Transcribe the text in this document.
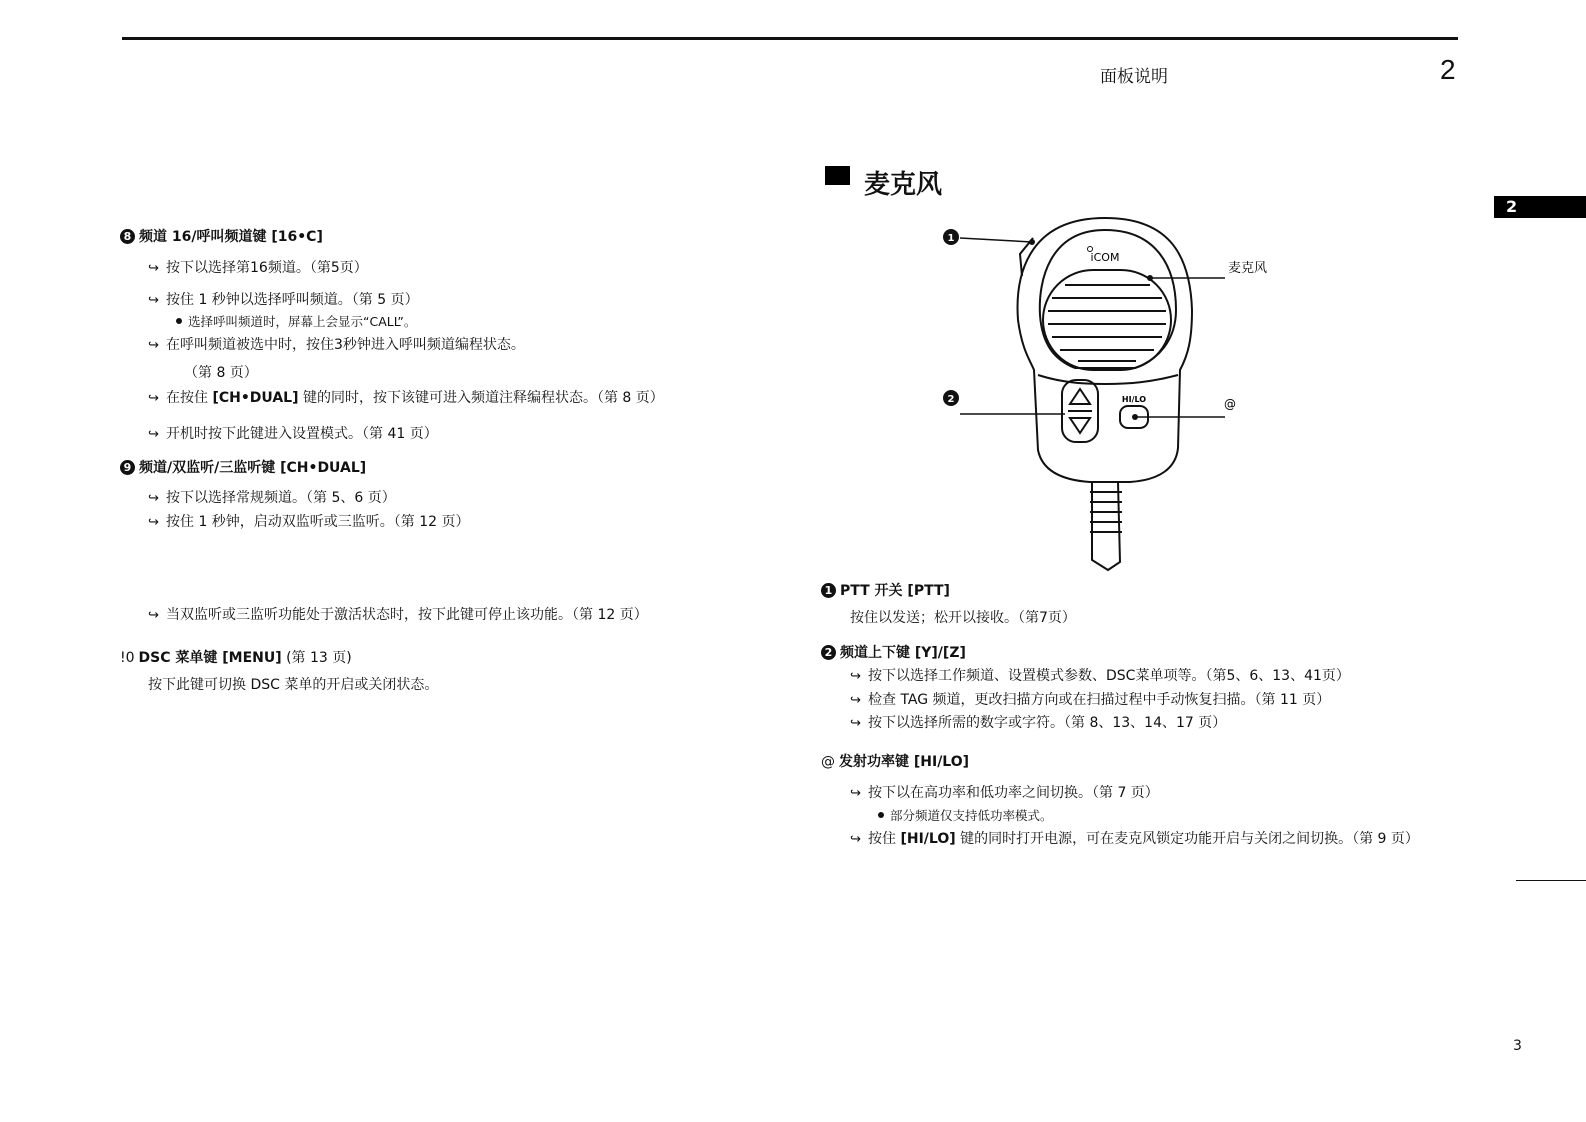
面板说明	2
2
3
8 频道 16/呼叫频道键 [16•C]
↪ 按下以选择第16频道。（第5页）
↪ 按住 1 秒钟以选择呼叫频道。（第 5 页）
选择呼叫频道时，屏幕上会显示“CALL”。
↪ 在呼叫频道被选中时，按住3秒钟进入呼叫频道编程状态。
（第 8 页）
↪ 在按住 [CH•DUAL] 键的同时，按下该键可进入频道注释编程状态。（第 8 页）
↪ 开机时按下此键进入设置模式。（第 41 页）
9 频道/双监听/三监听键 [CH•DUAL]
↪ 按下以选择常规频道。（第 5、6 页）
↪ 按住 1 秒钟，启动双监听或三监听。（第 12 页）
↪ 当双监听或三监听功能处于激活状态时，按下此键可停止该功能。（第 12 页）
!0 DSC 菜单键 [MENU] (第 13 页)
按下此键可切换 DSC 菜单的开启或关闭状态。
麦克风
iCOM
HI/LO
1
2	@
麦克风
1 PTT 开关 [PTT]
按住以发送；松开以接收。（第7页）
2 频道上下键 [Y]/[Z]
↪ 按下以选择工作频道、设置模式参数、DSC菜单项等。（第5、6、13、41页）
↪ 检查 TAG 频道，更改扫描方向或在扫描过程中手动恢复扫描。（第 11 页）
↪ 按下以选择所需的数字或字符。（第 8、13、14、17 页）
@ 发射功率键 [HI/LO]
↪ 按下以在高功率和低功率之间切换。（第 7 页）
部分频道仅支持低功率模式。
↪ 按住 [HI/LO] 键的同时打开电源，可在麦克风锁定功能开启与关闭之间切换。（第 9 页）
